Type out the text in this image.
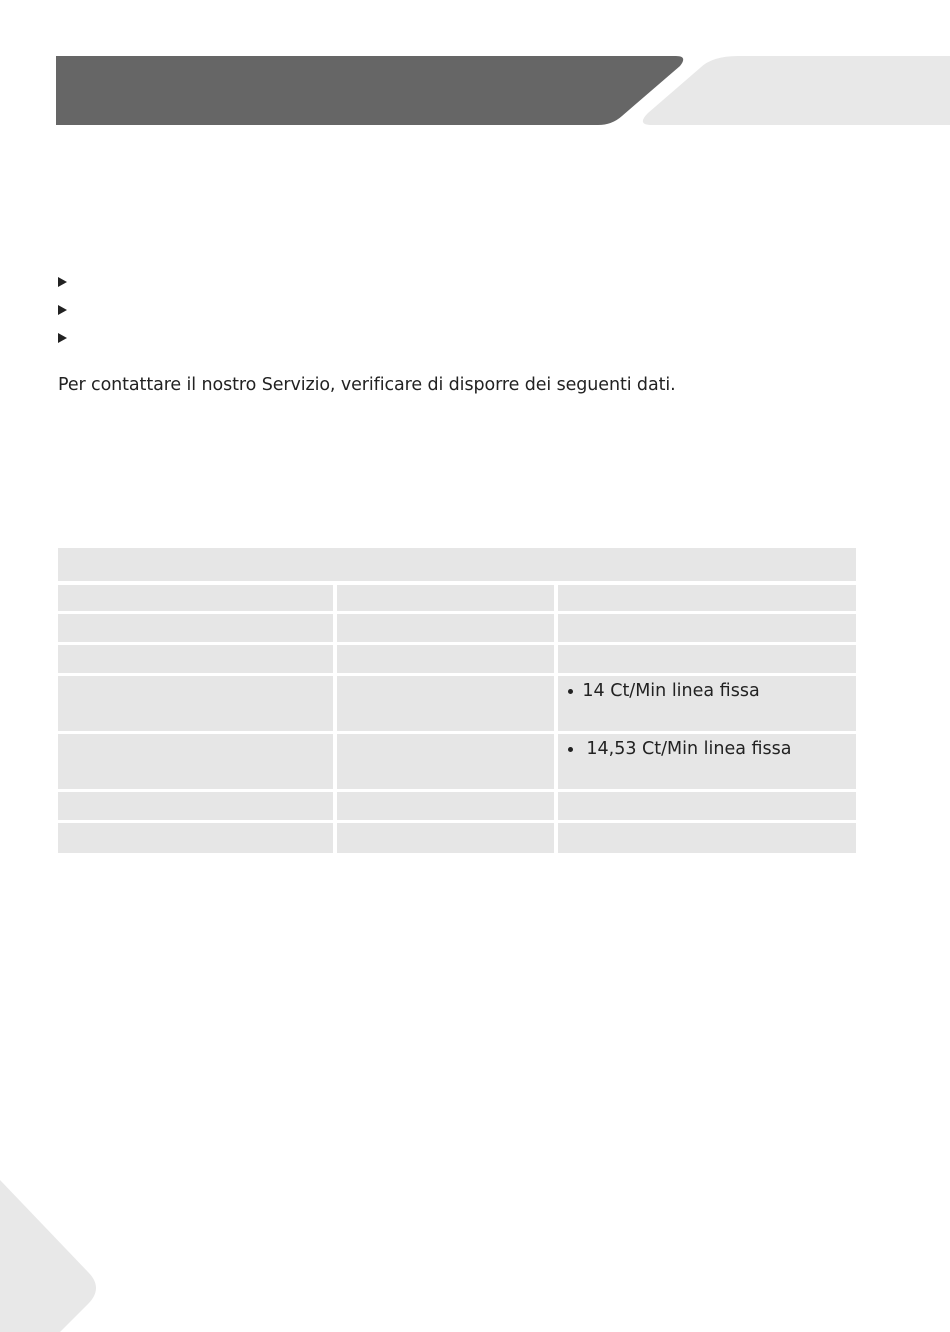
Per contattare il nostro Servizio, verificare di disporre dei seguenti dati.

14 Ct/Min linea fissa
14,53 Ct/Min linea fissa
